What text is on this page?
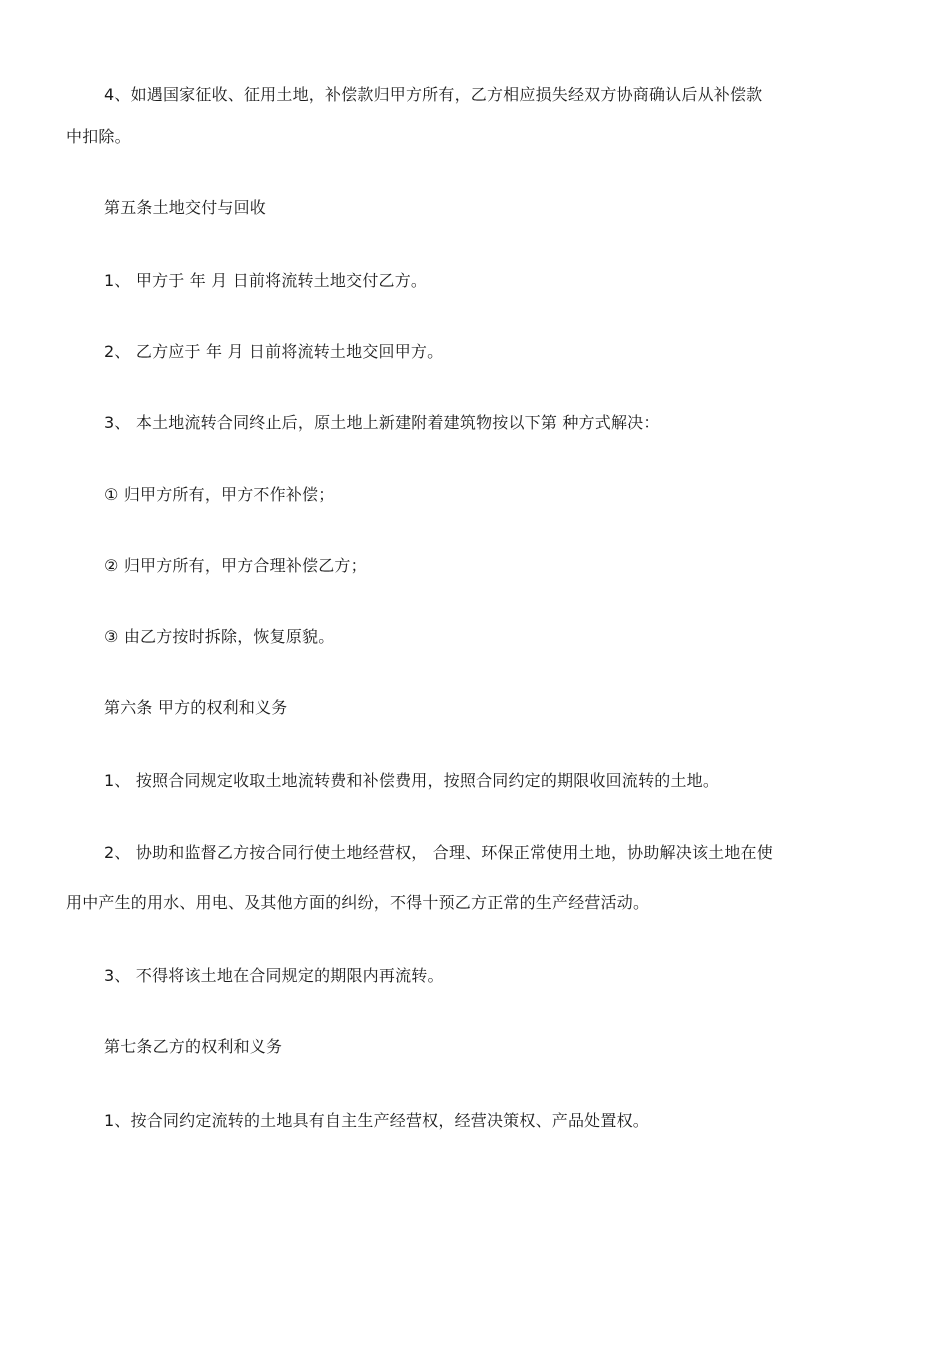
4、如遇国家征收、征用土地，补偿款归甲方所有，乙方相应损失经双方协商确认后从补偿款
中扣除。
第五条土地交付与回收
1、 甲方于 年 月 日前将流转土地交付乙方。
2、 乙方应于 年 月 日前将流转土地交回甲方。
3、 本土地流转合同终止后，原土地上新建附着建筑物按以下第 种方式解决：
① 归甲方所有，甲方不作补偿；
② 归甲方所有，甲方合理补偿乙方；
③ 由乙方按时拆除，恢复原貌。
第六条 甲方的权利和义务
1、 按照合同规定收取土地流转费和补偿费用，按照合同约定的期限收回流转的土地。
2、 协助和监督乙方按合同行使土地经营权， 合理、环保正常使用土地，协助解决该土地在使
用中产生的用水、用电、及其他方面的纠纷，不得十预乙方正常的生产经营活动。
3、 不得将该土地在合同规定的期限内再流转。
第七条乙方的权利和义务
1、按合同约定流转的土地具有自主生产经营权，经营决策权、产品处置权。
